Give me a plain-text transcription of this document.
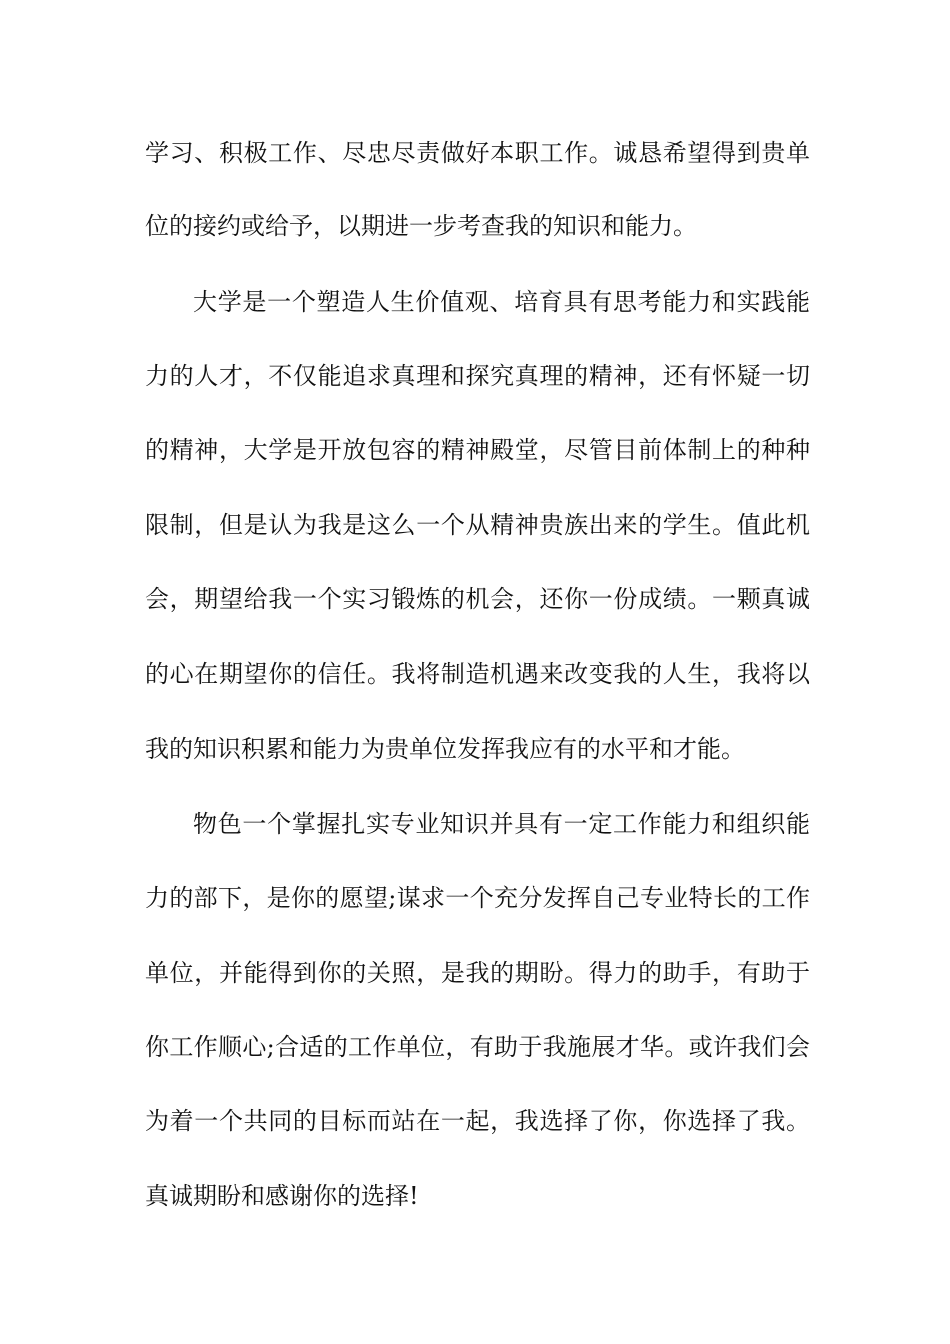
学习、积极工作、尽忠尽责做好本职工作。诚恳希望得到贵单
位的接约或给予，以期进一步考查我的知识和能力。
大学是一个塑造人生价值观、培育具有思考能力和实践能
力的人才，不仅能追求真理和探究真理的精神，还有怀疑一切
的精神，大学是开放包容的精神殿堂，尽管目前体制上的种种
限制，但是认为我是这么一个从精神贵族出来的学生。值此机
会，期望给我一个实习锻炼的机会，还你一份成绩。一颗真诚
的心在期望你的信任。我将制造机遇来改变我的人生，我将以
我的知识积累和能力为贵单位发挥我应有的水平和才能。
物色一个掌握扎实专业知识并具有一定工作能力和组织能
力的部下，是你的愿望;谋求一个充分发挥自己专业特长的工作
单位，并能得到你的关照，是我的期盼。得力的助手，有助于
你工作顺心;合适的工作单位，有助于我施展才华。或许我们会
为着一个共同的目标而站在一起，我选择了你，你选择了我。
真诚期盼和感谢你的选择!
